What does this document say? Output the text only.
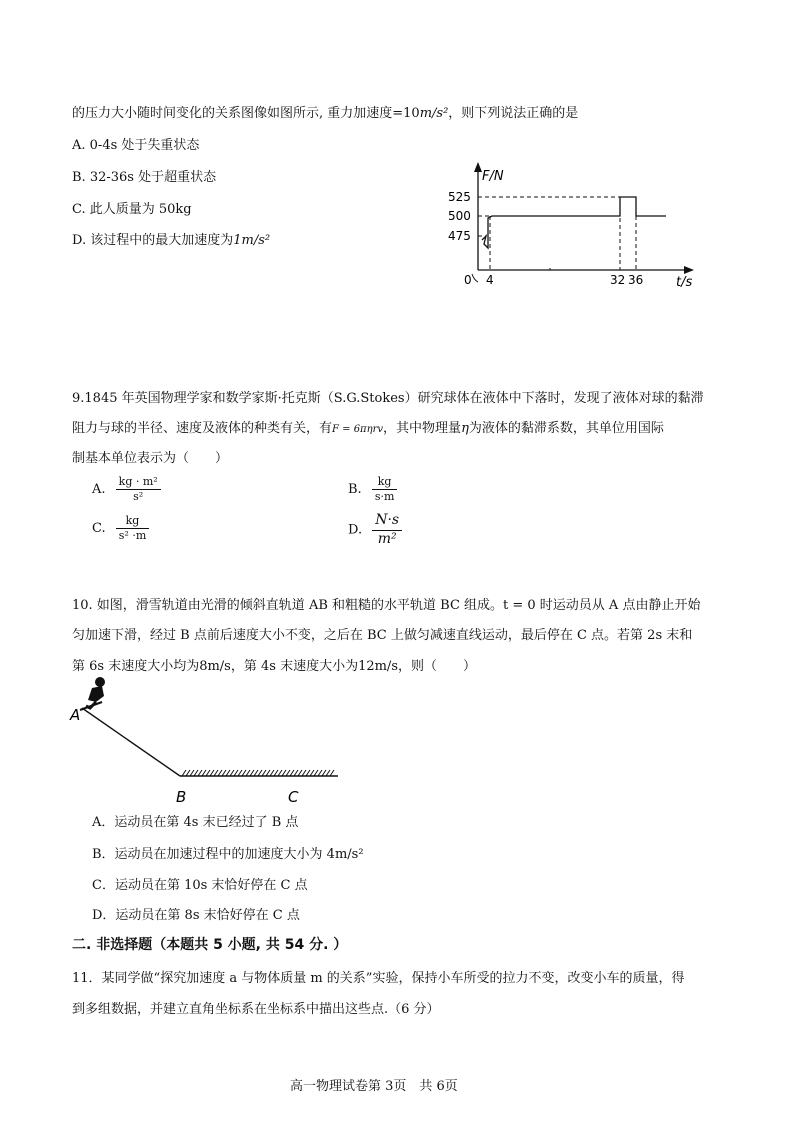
的压力大小随时间变化的关系图像如图所示, 重力加速度=10m/s²，则下列说法正确的是
A. 0-4s 处于失重状态
B. 32-36s 处于超重状态
C. 此人质量为 50kg
D. 该过程中的最大加速度为1m/s²
F/N
t/s
525
500
475
0 4	32 36
9.1845 年英国物理学家和数学家斯·托克斯（S.G.Stokes）研究球体在液体中下落时，发现了液体对球的黏滞
阻力与球的半径、速度及液体的种类有关，有F = 6πηrv，其中物理量η为液体的黏滞系数，其单位用国际
制基本单位表示为（　　）
A. $\frac{\text{kg · m²}}{\text{s²}}$	B. $\frac{kg}{s\cdot m}$
C. $\frac{kg}{\text{s² ·m}}$	D. $\frac{N\cdot s}{\text{m²}}$
10. 如图，滑雪轨道由光滑的倾斜直轨道 AB 和粗糙的水平轨道 BC 组成。t = 0 时运动员从 A 点由静止开始
匀加速下滑，经过 B 点前后速度大小不变，之后在 BC 上做匀减速直线运动，最后停在 C 点。若第 2s 末和
第 6s 末速度大小均为8m/s，第 4s 末速度大小为12m/s，则（　　）
A
B	C
A．运动员在第 4s 末已经过了 B 点
B．运动员在加速过程中的加速度大小为 4m/s²
C．运动员在第 10s 末恰好停在 C 点
D．运动员在第 8s 末恰好停在 C 点
二. 非选择题（本题共 5 小题, 共 54 分. ）
11．某同学做“探究加速度 a 与物体质量 m 的关系”实验，保持小车所受的拉力不变，改变小车的质量，得
到多组数据，并建立直角坐标系在坐标系中描出这些点.（6 分）
高一物理试卷第 3页　共 6页
